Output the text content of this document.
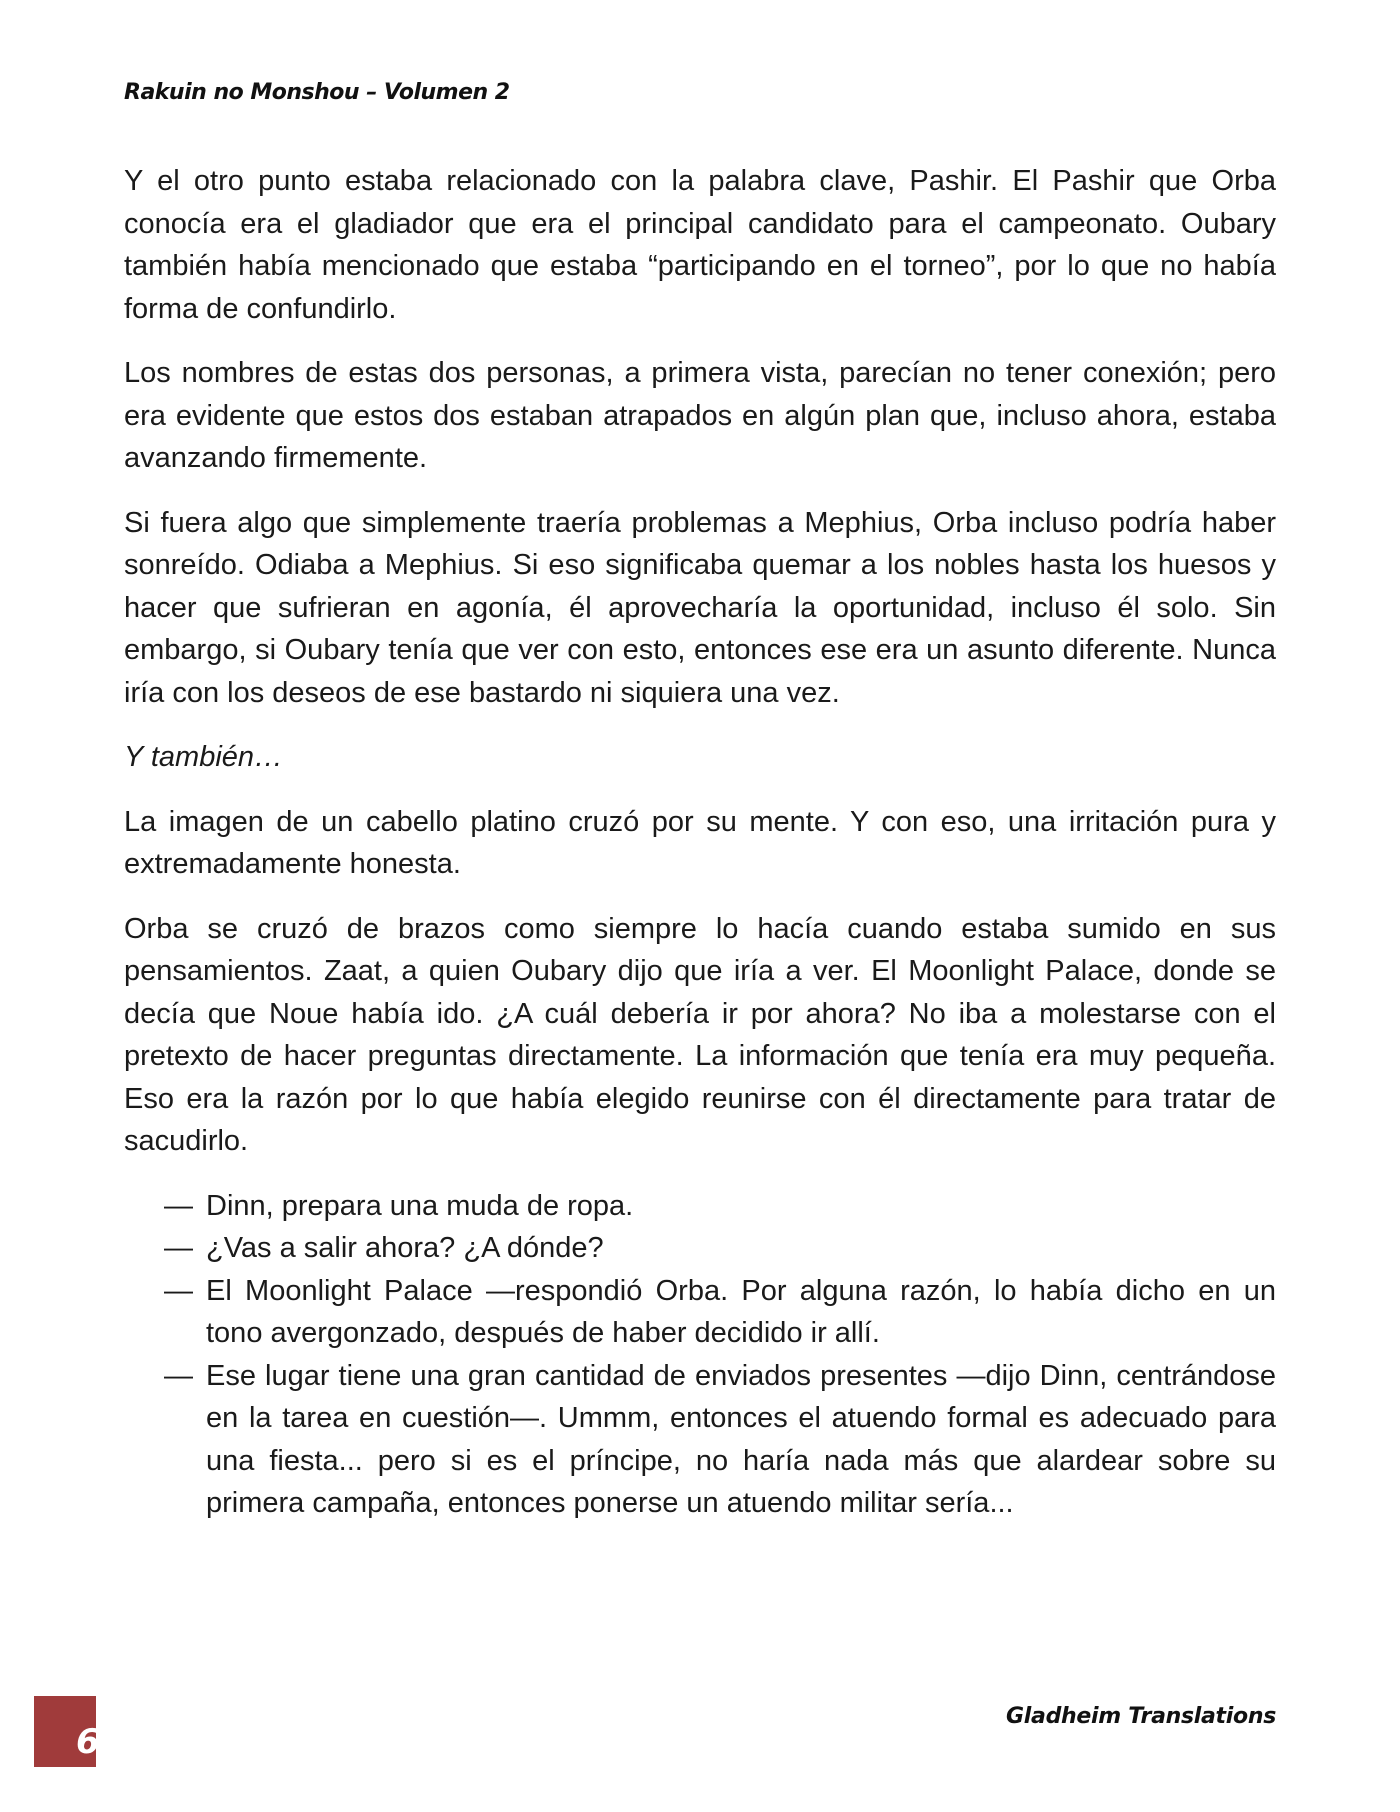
Rakuin no Monshou – Volumen 2

Y el otro punto estaba relacionado con la palabra clave, Pashir. El Pashir que Orba conocía era el gladiador que era el principal candidato para el campeonato. Oubary también había mencionado que estaba “participando en el torneo”, por lo que no había forma de confundirlo.

Los nombres de estas dos personas, a primera vista, parecían no tener conexión; pero era evidente que estos dos estaban atrapados en algún plan que, incluso ahora, estaba avanzando firmemente.

Si fuera algo que simplemente traería problemas a Mephius, Orba incluso podría haber sonreído. Odiaba a Mephius. Si eso significaba quemar a los nobles hasta los huesos y hacer que sufrieran en agonía, él aprovecharía la oportunidad, incluso él solo. Sin embargo, si Oubary tenía que ver con esto, entonces ese era un asunto diferente. Nunca iría con los deseos de ese bastardo ni siquiera una vez.

Y también…

La imagen de un cabello platino cruzó por su mente. Y con eso, una irritación pura y extremadamente honesta.

Orba se cruzó de brazos como siempre lo hacía cuando estaba sumido en sus pensamientos. Zaat, a quien Oubary dijo que iría a ver. El Moonlight Palace, donde se decía que Noue había ido. ¿A cuál debería ir por ahora? No iba a molestarse con el pretexto de hacer preguntas directamente. La información que tenía era muy pequeña. Eso era la razón por lo que había elegido reunirse con él directamente para tratar de sacudirlo.

— Dinn, prepara una muda de ropa.
— ¿Vas a salir ahora? ¿A dónde?
— El Moonlight Palace —respondió Orba. Por alguna razón, lo había dicho en un tono avergonzado, después de haber decidido ir allí.
— Ese lugar tiene una gran cantidad de enviados presentes —dijo Dinn, centrándose en la tarea en cuestión—. Ummm, entonces el atuendo formal es adecuado para una fiesta... pero si es el príncipe, no haría nada más que alardear sobre su primera campaña, entonces ponerse un atuendo militar sería...
6
Gladheim Translations
